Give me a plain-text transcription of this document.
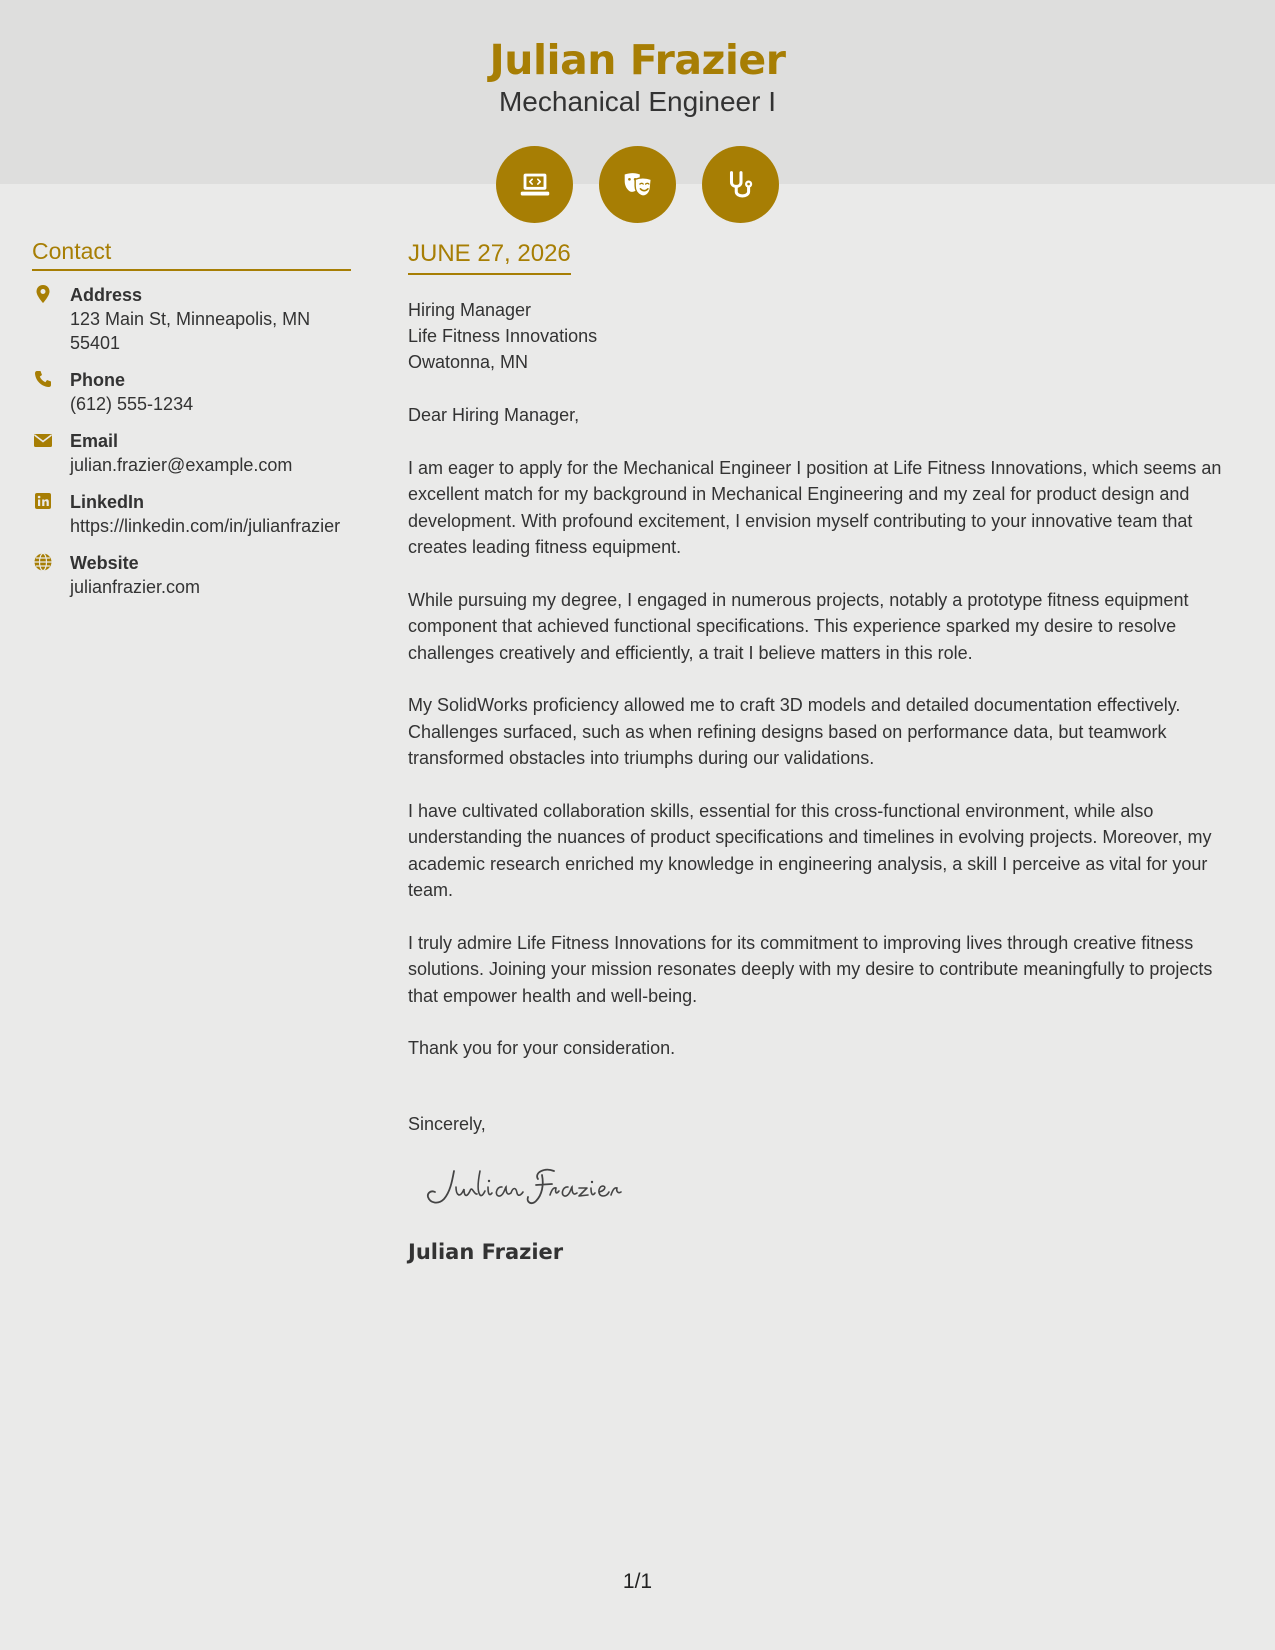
Julian Frazier
Mechanical Engineer I
Contact
Address
123 Main St, Minneapolis, MN 55401
Phone
(612) 555-1234
Email
julian.frazier@example.com
LinkedIn
https://linkedin.com/in/julianfrazier
Website
julianfrazier.com
JUNE 27, 2026
Hiring Manager
Life Fitness Innovations
Owatonna, MN

Dear Hiring Manager,

I am eager to apply for the Mechanical Engineer I position at Life Fitness Innovations, which seems an excellent match for my background in Mechanical Engineering and my zeal for product design and development. With profound excitement, I envision myself contributing to your innovative team that creates leading fitness equipment.

While pursuing my degree, I engaged in numerous projects, notably a prototype fitness equipment component that achieved functional specifications. This experience sparked my desire to resolve challenges creatively and efficiently, a trait I believe matters in this role.

My SolidWorks proficiency allowed me to craft 3D models and detailed documentation effectively. Challenges surfaced, such as when refining designs based on performance data, but teamwork transformed obstacles into triumphs during our validations.

I have cultivated collaboration skills, essential for this cross-functional environment, while also understanding the nuances of product specifications and timelines in evolving projects. Moreover, my academic research enriched my knowledge in engineering analysis, a skill I perceive as vital for your team.

I truly admire Life Fitness Innovations for its commitment to improving lives through creative fitness solutions. Joining your mission resonates deeply with my desire to contribute meaningfully to projects that empower health and well-being.

Thank you for your consideration.

Sincerely,
Julian Frazier
1/1
